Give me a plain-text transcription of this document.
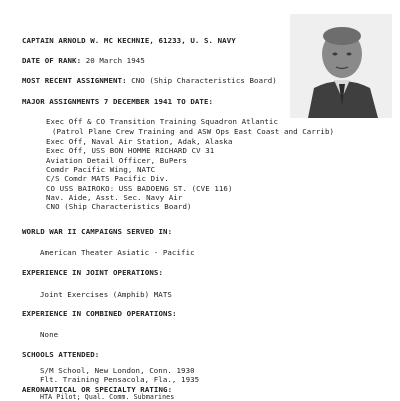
CAPTAIN ARNOLD W. MC KECHNIE, 61233, U. S. NAVY
DATE OF RANK: 20 March 1945
MOST RECENT ASSIGNMENT: CNO (Ship Characteristics Board)
MAJOR ASSIGNMENTS 7 DECEMBER 1941 TO DATE:
Exec Off & CO Transition Training Squadron Atlantic
(Patrol Plane Crew Training and ASW Ops East Coast and Carrib)
Exec Off, Naval Air Station, Adak, Alaska
Exec Off, USS BON HOMME RICHARD CV 31
Aviation Detail Officer, BuPers
Comdr Pacific Wing, NATC
C/S Comdr MATS Pacific Div.
CO USS BAIROKO: USS BADOENG ST. (CVE 116)
Nav. Aide, Asst. Sec. Navy Air
CNO (Ship Characteristics Board)
WORLD WAR II CAMPAIGNS SERVED IN:
American Theater Asiatic - Pacific
EXPERIENCE IN JOINT OPERATIONS:
Joint Exercises (Amphib) MATS
EXPERIENCE IN COMBINED OPERATIONS:
None
SCHOOLS ATTENDED:
S/M School, New London, Conn. 1930
Flt. Training Pensacola, Fla., 1935
AERONAUTICAL OR SPECIALTY RATING:
HTA Pilot; Qual. Comm. Submarines
